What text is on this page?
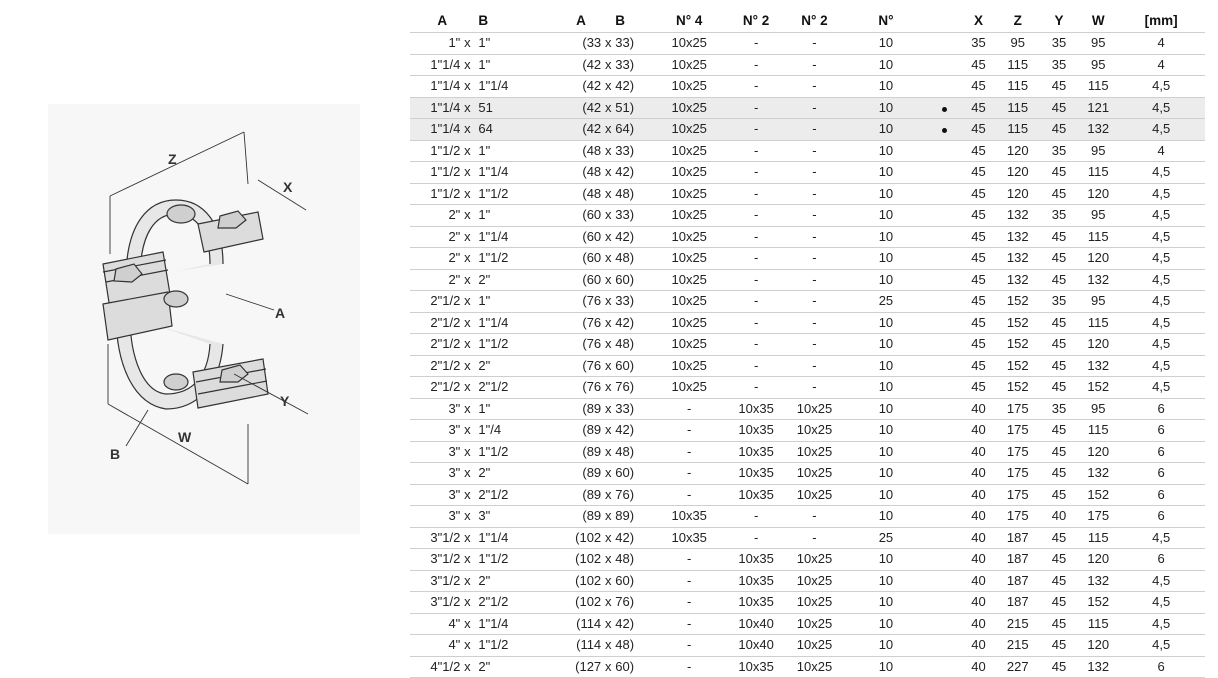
Z
X
A
Y
B
W
A		B	A		B	N° 4	N° 2	N° 2	N°		X	Z	Y	W	[mm]
1"	x	1"	(33	x	33)	10x25	-	-	10		35	95	35	95	4
1"1/4	x	1"	(42	x	33)	10x25	-	-	10		45	115	35	95	4
1"1/4	x	1"1/4	(42	x	42)	10x25	-	-	10		45	115	45	115	4,5
1"1/4	x	51	(42	x	51)	10x25	-	-	10		45	115	45	121	4,5
1"1/4	x	64	(42	x	64)	10x25	-	-	10		45	115	45	132	4,5
1"1/2	x	1"	(48	x	33)	10x25	-	-	10		45	120	35	95	4
1"1/2	x	1"1/4	(48	x	42)	10x25	-	-	10		45	120	45	115	4,5
1"1/2	x	1"1/2	(48	x	48)	10x25	-	-	10		45	120	45	120	4,5
2"	x	1"	(60	x	33)	10x25	-	-	10		45	132	35	95	4,5
2"	x	1"1/4	(60	x	42)	10x25	-	-	10		45	132	45	115	4,5
2"	x	1"1/2	(60	x	48)	10x25	-	-	10		45	132	45	120	4,5
2"	x	2"	(60	x	60)	10x25	-	-	10		45	132	45	132	4,5
2"1/2	x	1"	(76	x	33)	10x25	-	-	25		45	152	35	95	4,5
2"1/2	x	1"1/4	(76	x	42)	10x25	-	-	10		45	152	45	115	4,5
2"1/2	x	1"1/2	(76	x	48)	10x25	-	-	10		45	152	45	120	4,5
2"1/2	x	2"	(76	x	60)	10x25	-	-	10		45	152	45	132	4,5
2"1/2	x	2"1/2	(76	x	76)	10x25	-	-	10		45	152	45	152	4,5
3"	x	1"	(89	x	33)	-	10x35	10x25	10		40	175	35	95	6
3"	x	1"/4	(89	x	42)	-	10x35	10x25	10		40	175	45	115	6
3"	x	1"1/2	(89	x	48)	-	10x35	10x25	10		40	175	45	120	6
3"	x	2"	(89	x	60)	-	10x35	10x25	10		40	175	45	132	6
3"	x	2"1/2	(89	x	76)	-	10x35	10x25	10		40	175	45	152	6
3"	x	3"	(89	x	89)	10x35	-	-	10		40	175	40	175	6
3"1/2	x	1"1/4	(102	x	42)	10x35	-	-	25		40	187	45	115	4,5
3"1/2	x	1"1/2	(102	x	48)	-	10x35	10x25	10		40	187	45	120	6
3"1/2	x	2"	(102	x	60)	-	10x35	10x25	10		40	187	45	132	4,5
3"1/2	x	2"1/2	(102	x	76)	-	10x35	10x25	10		40	187	45	152	4,5
4"	x	1"1/4	(114	x	42)	-	10x40	10x25	10		40	215	45	115	4,5
4"	x	1"1/2	(114	x	48)	-	10x40	10x25	10		40	215	45	120	4,5
4"1/2	x	2"	(127	x	60)	-	10x35	10x25	10		40	227	45	132	6
